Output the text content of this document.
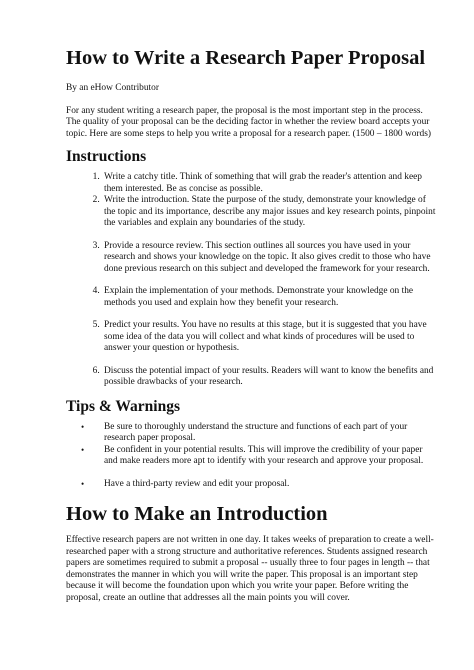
How to Write a Research Paper Proposal
By an eHow Contributor
For any student writing a research paper, the proposal is the most important step in the process. The quality of your proposal can be the deciding factor in whether the review board accepts your topic. Here are some steps to help you write a proposal for a research paper. (1500 – 1800 words)
Instructions
1. Write a catchy title. Think of something that will grab the reader's attention and keep them interested. Be as concise as possible.
2. Write the introduction. State the purpose of the study, demonstrate your knowledge of the topic and its importance, describe any major issues and key research points, pinpoint the variables and explain any boundaries of the study.
3. Provide a resource review. This section outlines all sources you have used in your research and shows your knowledge on the topic. It also gives credit to those who have done previous research on this subject and developed the framework for your research.
4. Explain the implementation of your methods. Demonstrate your knowledge on the methods you used and explain how they benefit your research.
5. Predict your results. You have no results at this stage, but it is suggested that you have some idea of the data you will collect and what kinds of procedures will be used to answer your question or hypothesis.
6. Discuss the potential impact of your results. Readers will want to know the benefits and possible drawbacks of your research.
Tips & Warnings
• Be sure to thoroughly understand the structure and functions of each part of your research paper proposal.
• Be confident in your potential results. This will improve the credibility of your paper and make readers more apt to identify with your research and approve your proposal.
• Have a third-party review and edit your proposal.
How to Make an Introduction
Effective research papers are not written in one day. It takes weeks of preparation to create a well-researched paper with a strong structure and authoritative references. Students assigned research papers are sometimes required to submit a proposal -- usually three to four pages in length -- that demonstrates the manner in which you will write the paper. This proposal is an important step because it will become the foundation upon which you write your paper. Before writing the proposal, create an outline that addresses all the main points you will cover.
